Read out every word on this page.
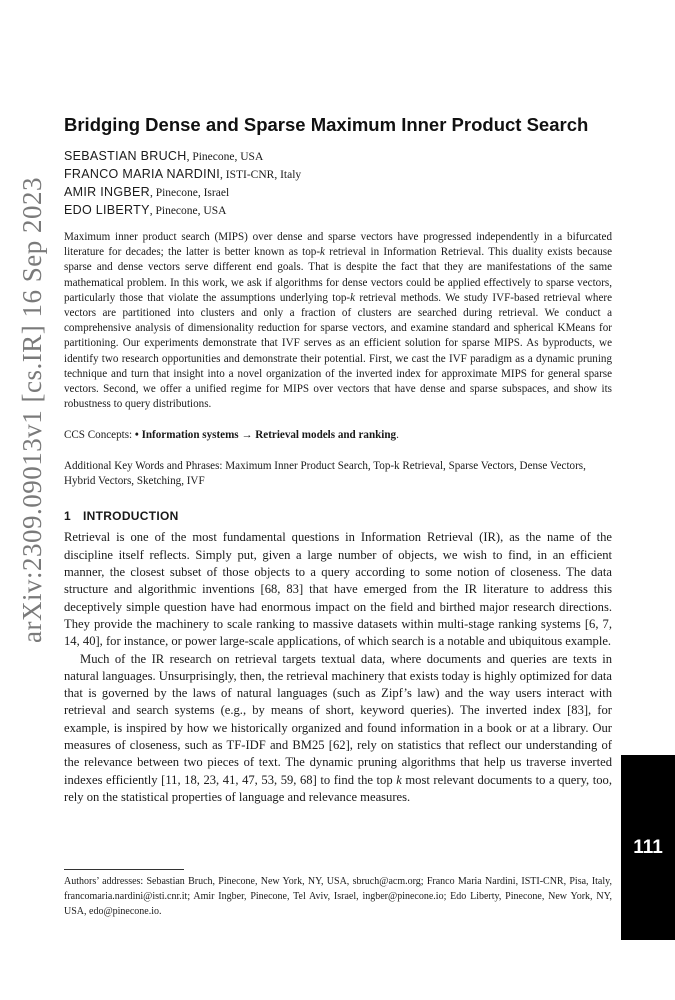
arXiv:2309.09013v1 [cs.IR] 16 Sep 2023
Bridging Dense and Sparse Maximum Inner Product Search
SEBASTIAN BRUCH, Pinecone, USA
FRANCO MARIA NARDINI, ISTI-CNR, Italy
AMIR INGBER, Pinecone, Israel
EDO LIBERTY, Pinecone, USA

Maximum inner product search (MIPS) over dense and sparse vectors have progressed independently in a bifurcated literature for decades; the latter is better known as top-k retrieval in Information Retrieval. This duality exists because sparse and dense vectors serve different end goals. That is despite the fact that they are manifestations of the same mathematical problem. In this work, we ask if algorithms for dense vectors could be applied effectively to sparse vectors, particularly those that violate the assumptions underlying top-k retrieval methods. We study IVF-based retrieval where vectors are partitioned into clusters and only a fraction of clusters are searched during retrieval. We conduct a comprehensive analysis of dimensionality reduction for sparse vectors, and examine standard and spherical KMeans for partitioning. Our experiments demonstrate that IVF serves as an efficient solution for sparse MIPS. As byproducts, we identify two research opportunities and demonstrate their potential. First, we cast the IVF paradigm as a dynamic pruning technique and turn that insight into a novel organization of the inverted index for approximate MIPS for general sparse vectors. Second, we offer a unified regime for MIPS over vectors that have dense and sparse subspaces, and show its robustness to query distributions.

CCS Concepts: • Information systems → Retrieval models and ranking.

Additional Key Words and Phrases: Maximum Inner Product Search, Top-k Retrieval, Sparse Vectors, Dense Vectors, Hybrid Vectors, Sketching, IVF

1 INTRODUCTION

Retrieval is one of the most fundamental questions in Information Retrieval (IR), as the name of the discipline itself reflects. Simply put, given a large number of objects, we wish to find, in an efficient manner, the closest subset of those objects to a query according to some notion of closeness. The data structure and algorithmic inventions [68, 83] that have emerged from the IR literature to address this deceptively simple question have had enormous impact on the field and birthed major research directions. They provide the machinery to scale ranking to massive datasets within multi-stage ranking systems [6, 7, 14, 40], for instance, or power large-scale applications, of which search is a notable and ubiquitous example.

Much of the IR research on retrieval targets textual data, where documents and queries are texts in natural languages. Unsurprisingly, then, the retrieval machinery that exists today is highly optimized for data that is governed by the laws of natural languages (such as Zipf’s law) and the way users interact with retrieval and search systems (e.g., by means of short, keyword queries). The inverted index [83], for example, is inspired by how we historically organized and found information in a book or at a library. Our measures of closeness, such as TF-IDF and BM25 [62], rely on statistics that reflect our understanding of the relevance between two pieces of text. The dynamic pruning algorithms that help us traverse inverted indexes efficiently [11, 18, 23, 41, 47, 53, 59, 68] to find the top k most relevant documents to a query, too, rely on the statistical properties of language and relevance measures.

Authors’ addresses: Sebastian Bruch, Pinecone, New York, NY, USA, sbruch@acm.org; Franco Maria Nardini, ISTI-CNR, Pisa, Italy, francomaria.nardini@isti.cnr.it; Amir Ingber, Pinecone, Tel Aviv, Israel, ingber@pinecone.io; Edo Liberty, Pinecone, New York, NY, USA, edo@pinecone.io.
111
